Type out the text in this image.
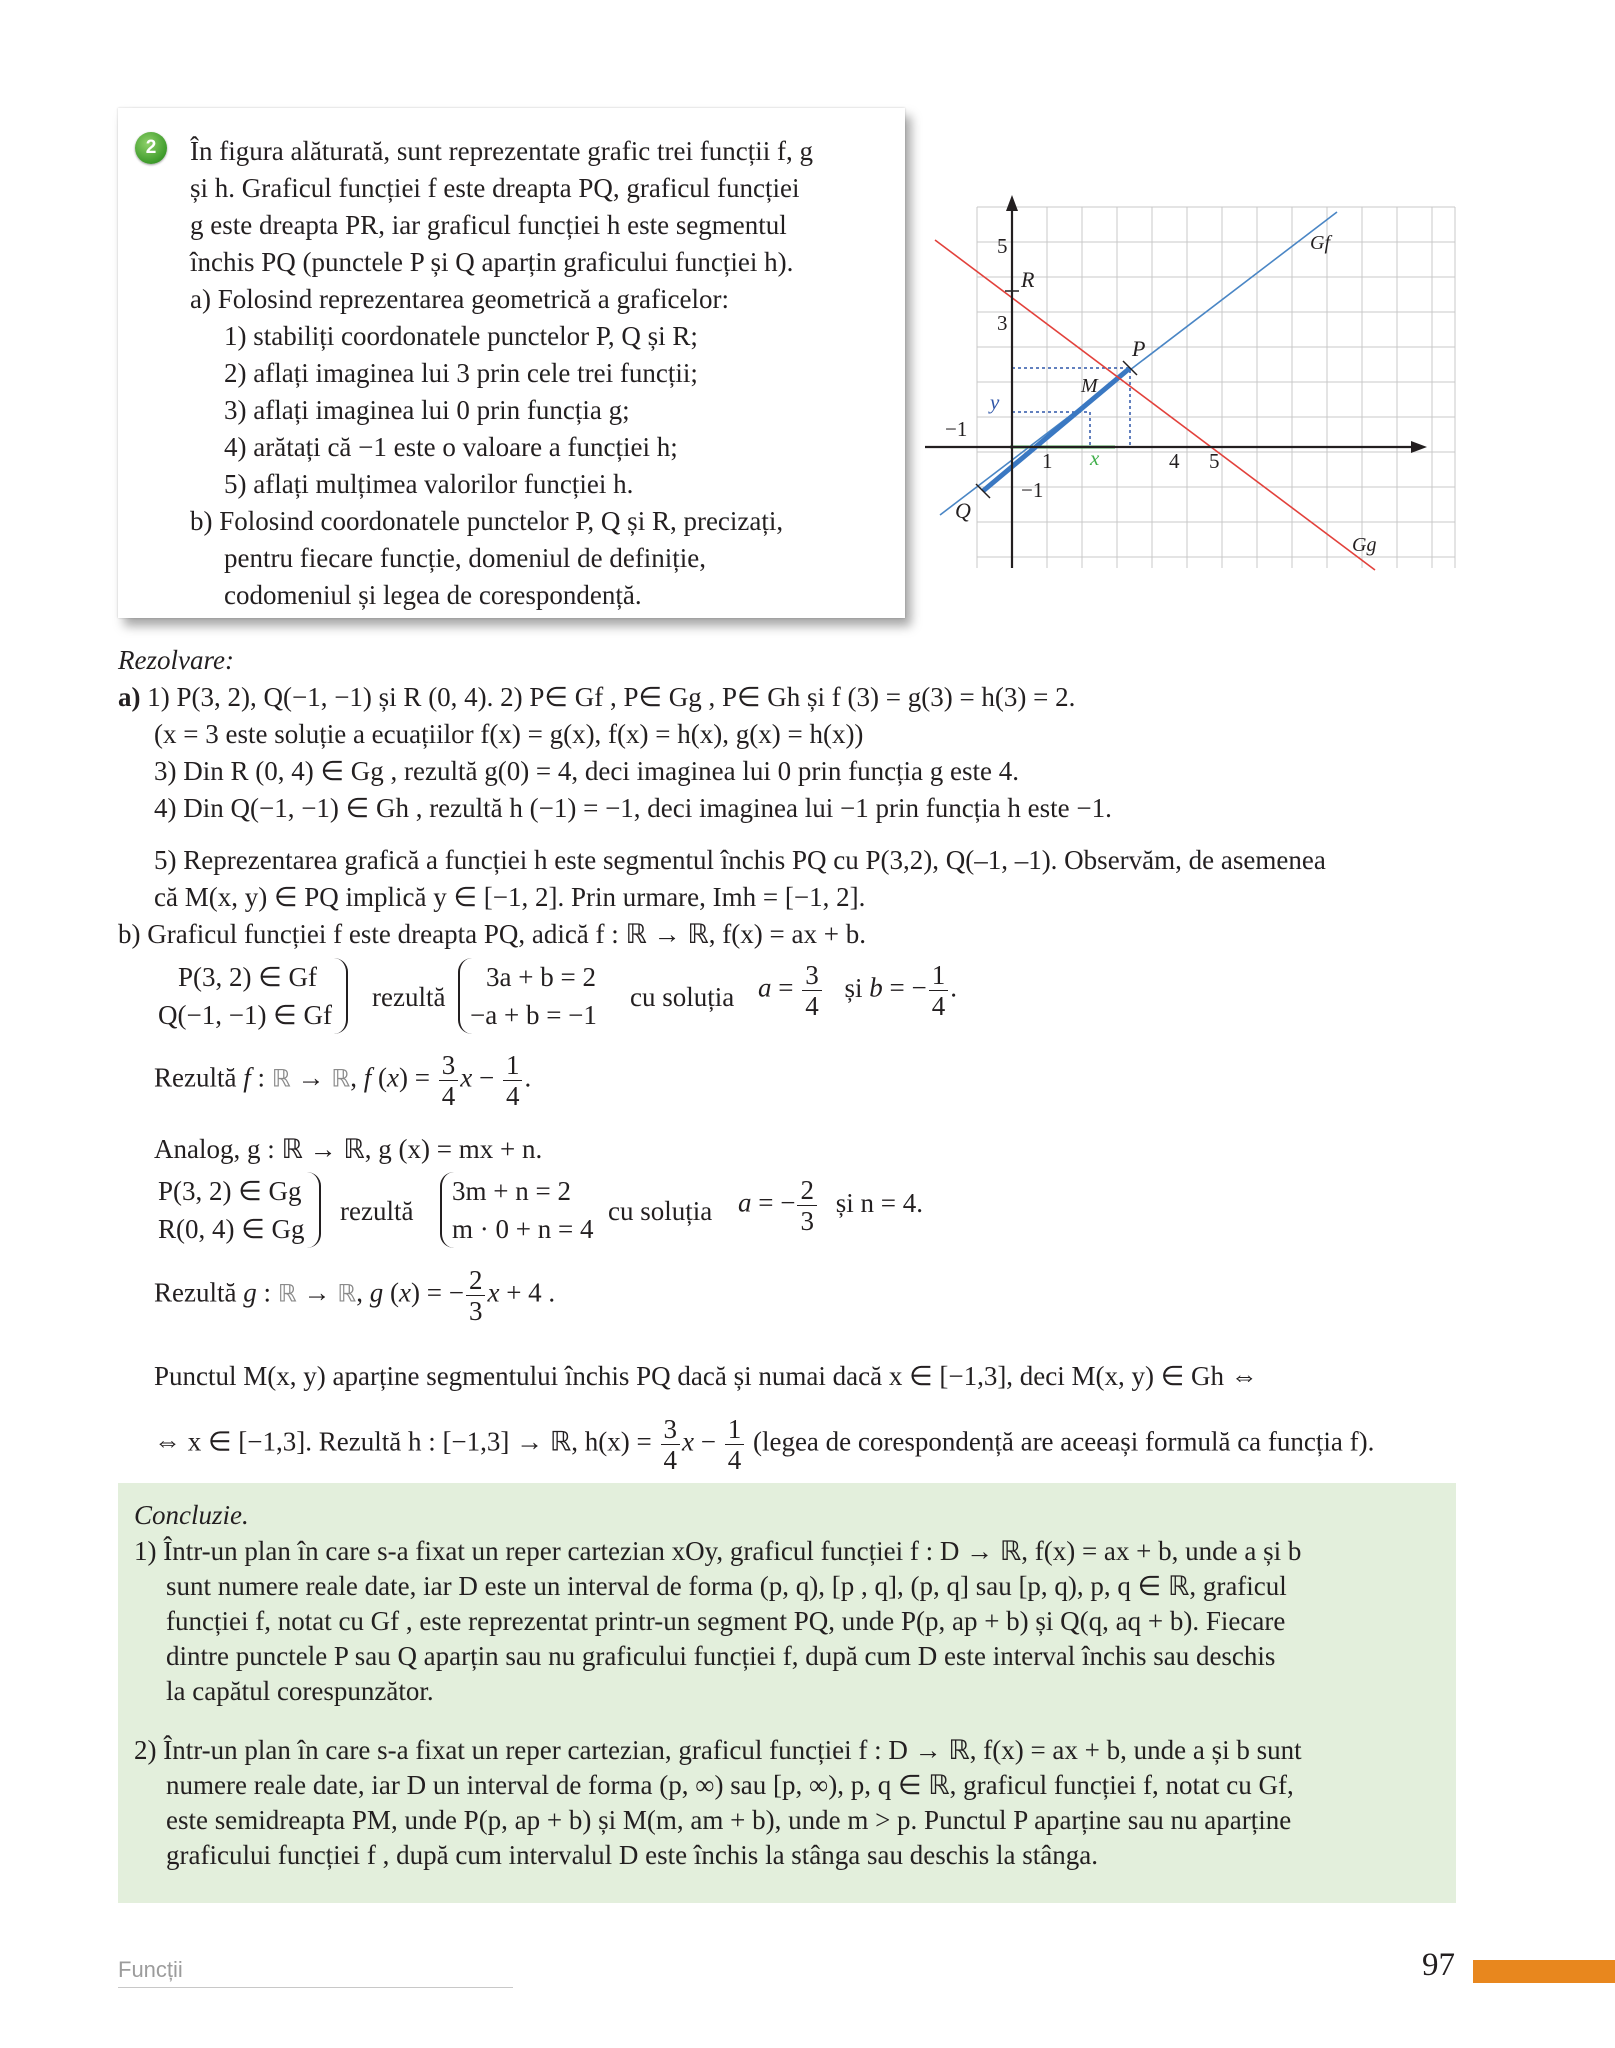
2	În figura alăturată, sunt reprezentate grafic trei funcții f, g
și h. Graficul funcției f este dreapta PQ, graficul funcției
g este dreapta PR, iar graficul funcției h este segmentul
închis PQ (punctele P și Q aparțin graficului funcției h).
a) Folosind reprezentarea geometrică a graficelor:
1) stabiliți coordonatele punctelor P, Q și R;
2) aflați imaginea lui 3 prin cele trei funcții;
3) aflați imaginea lui 0 prin funcția g;
4) arătați că −1 este o valoare a funcției h;
5) aflați mulțimea valorilor funcției h.
b) Folosind coordonatele punctelor P, Q și R, precizați,
pentru fiecare funcție, domeniul de definiție,
codomeniul și legea de corespondență.
5
3
−1
−1
1	4 5
R
P
M
Q
Gf
Gg
y
x
Rezolvare:
a) 1) P(3, 2), Q(−1, −1) și R (0, 4). 2) P∈ Gf , P∈ Gg , P∈ Gh și f (3) = g(3) = h(3) = 2.
(x = 3 este soluție a ecuațiilor f(x) = g(x), f(x) = h(x), g(x) = h(x))
3) Din R (0, 4) ∈ Gg , rezultă g(0) = 4, deci imaginea lui 0 prin funcția g este 4.
4) Din Q(−1, −1) ∈ Gh , rezultă h (−1) = −1, deci imaginea lui −1 prin funcția h este −1.
5) Reprezentarea grafică a funcției h este segmentul închis PQ cu P(3,2), Q(–1, –1). Observăm, de asemenea
că M(x, y) ∈ PQ implică y ∈ [−1, 2]. Prin urmare, Imh = [−1, 2].
b) Graficul funcției f este dreapta PQ, adică f : ℝ → ℝ, f(x) = ax + b.
P(3, 2) ∈ Gf
Q(−1, −1) ∈ Gf
rezultă
3a + b = 2
−a + b = −1
cu soluția $a = \frac{3}{4}$ și b = − $\frac{1}{4}$ .
Rezultă f : ℝ → ℝ, f $(x) = \frac{3}{4}$ $x - \frac{1}{4}$ .
Analog, g : ℝ → ℝ, g (x) = mx + n.
P(3, 2) ∈ Gg
R(0, 4) ∈ Gg
rezultă
3m + n = 2
m · 0 + n = 4
cu soluția a = − $\frac{2}{3}$ și n = 4.
Rezultă g : ℝ → ℝ, g (x) = − $\frac{2}{3}$ x + 4 .
Punctul M(x, y) aparține segmentului închis PQ dacă și numai dacă x ∈ [−1,3], deci M(x, y) ∈ Gh ⇔
⇔ x ∈ [−1,3]. Rezultă h : [−1,3] → ℝ, $h(x) = \frac{3}{4}$ $x - \frac{1}{4}$ (legea de corespondență are aceeași formulă ca funcția f).
Concluzie.
1) Într-un plan în care s-a fixat un reper cartezian xOy, graficul funcției f : D → ℝ, f(x) = ax + b, unde a și b
sunt numere reale date, iar D este un interval de forma (p, q), [p , q], (p, q] sau [p, q), p, q ∈ ℝ, graficul
funcției f, notat cu Gf , este reprezentat printr-un segment PQ, unde P(p, ap + b) și Q(q, aq + b). Fiecare
dintre punctele P sau Q aparțin sau nu graficului funcției f, după cum D este interval închis sau deschis
la capătul corespunzător.
2) Într-un plan în care s-a fixat un reper cartezian, graficul funcției f : D → ℝ, f(x) = ax + b, unde a și b sunt
numere reale date, iar D un interval de forma (p, ∞) sau [p, ∞), p, q ∈ ℝ, graficul funcției f, notat cu Gf,
este semidreapta PM, unde P(p, ap + b) și M(m, am + b), unde m > p. Punctul P aparține sau nu aparține
graficului funcției f , după cum intervalul D este închis la stânga sau deschis la stânga.
Funcții	97
